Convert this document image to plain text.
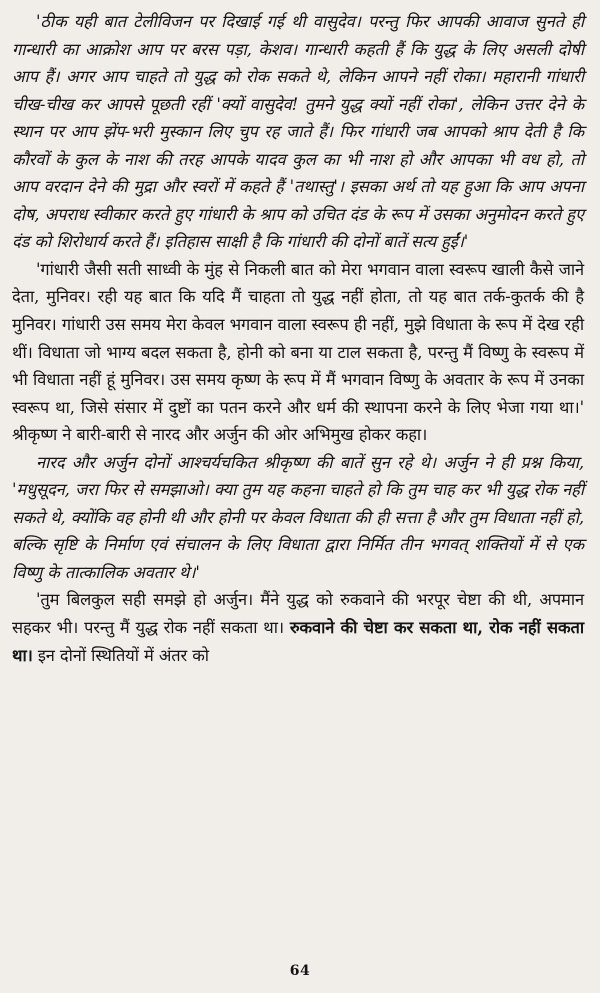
'ठीक यही बात टेलीविजन पर दिखाई गई थी वासुदेव। परन्तु फिर आपकी आवाज सुनते ही गान्धारी का आक्रोश आप पर बरस पड़ा, केशव। गान्धारी कहती हैं कि युद्ध के लिए असली दोषी आप हैं। अगर आप चाहते तो युद्ध को रोक सकते थे, लेकिन आपने नहीं रोका। महारानी गांधारी चीख-चीख कर आपसे पूछती रहीं 'क्यों वासुदेव! तुमने युद्ध क्यों नहीं रोका', लेकिन उत्तर देने के स्थान पर आप झेंप-भरी मुस्कान लिए चुप रह जाते हैं। फिर गांधारी जब आपको श्राप देती है कि कौरवों के कुल के नाश की तरह आपके यादव कुल का भी नाश हो और आपका भी वध हो, तो आप वरदान देने की मुद्रा और स्वरों में कहते हैं 'तथास्तु'। इसका अर्थ तो यह हुआ कि आप अपना दोष, अपराध स्वीकार करते हुए गांधारी के श्राप को उचित दंड के रूप में उसका अनुमोदन करते हुए दंड को शिरोधार्य करते हैं। इतिहास साक्षी है कि गांधारी की दोनों बातें सत्य हुईं।'

'गांधारी जैसी सती साध्वी के मुंह से निकली बात को मेरा भगवान वाला स्वरूप खाली कैसे जाने देता, मुनिवर। रही यह बात कि यदि मैं चाहता तो युद्ध नहीं होता, तो यह बात तर्क-कुतर्क की है मुनिवर। गांधारी उस समय मेरा केवल भगवान वाला स्वरूप ही नहीं, मुझे विधाता के रूप में देख रही थीं। विधाता जो भाग्य बदल सकता है, होनी को बना या टाल सकता है, परन्तु मैं विष्णु के स्वरूप में भी विधाता नहीं हूं मुनिवर। उस समय कृष्ण के रूप में मैं भगवान विष्णु के अवतार के रूप में उनका स्वरूप था, जिसे संसार में दुष्टों का पतन करने और धर्म की स्थापना करने के लिए भेजा गया था।' श्रीकृष्ण ने बारी-बारी से नारद और अर्जुन की ओर अभिमुख होकर कहा।

नारद और अर्जुन दोनों आश्चर्यचकित श्रीकृष्ण की बातें सुन रहे थे। अर्जुन ने ही प्रश्न किया, 'मधुसूदन, जरा फिर से समझाओ। क्या तुम यह कहना चाहते हो कि तुम चाह कर भी युद्ध रोक नहीं सकते थे, क्योंकि वह होनी थी और होनी पर केवल विधाता की ही सत्ता है और तुम विधाता नहीं हो, बल्कि सृष्टि के निर्माण एवं संचालन के लिए विधाता द्वारा निर्मित तीन भगवत् शक्तियों में से एक विष्णु के तात्कालिक अवतार थे।'

'तुम बिलकुल सही समझे हो अर्जुन। मैंने युद्ध को रुकवाने की भरपूर चेष्टा की थी, अपमान सहकर भी। परन्तु मैं युद्ध रोक नहीं सकता था। रुकवाने की चेष्टा कर सकता था, रोक नहीं सकता था। इन दोनों स्थितियों में अंतर को

64
